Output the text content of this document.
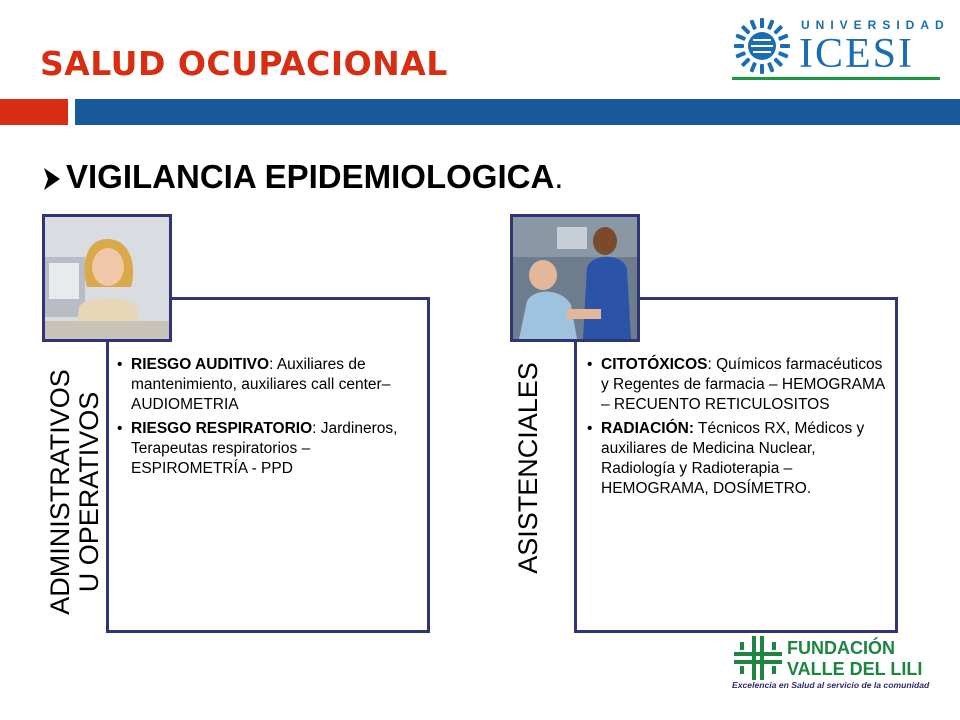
SALUD OCUPACIONAL
UNIVERSIDAD
ICESI
VIGILANCIA EPIDEMIOLOGICA.
ADMINISTRATIVOS U OPERATIVOS
• RIESGO AUDITIVO: Auxiliares de mantenimiento, auxiliares call center– AUDIOMETRIA
• RIESGO RESPIRATORIO: Jardineros, Terapeutas respiratorios – ESPIROMETRÍA - PPD	ASISTENCIALES	• CITOTÓXICOS: Químicos farmacéuticos y Regentes de farmacia – HEMOGRAMA – RECUENTO RETICULOSITOS
• RADIACIÓN: Técnicos RX, Médicos y auxiliares de Medicina Nuclear, Radiología y Radioterapia – HEMOGRAMA, DOSÍMETRO.
FUNDACIÓN
VALLE DEL LILI
Excelencia en Salud al servicio de la comunidad
